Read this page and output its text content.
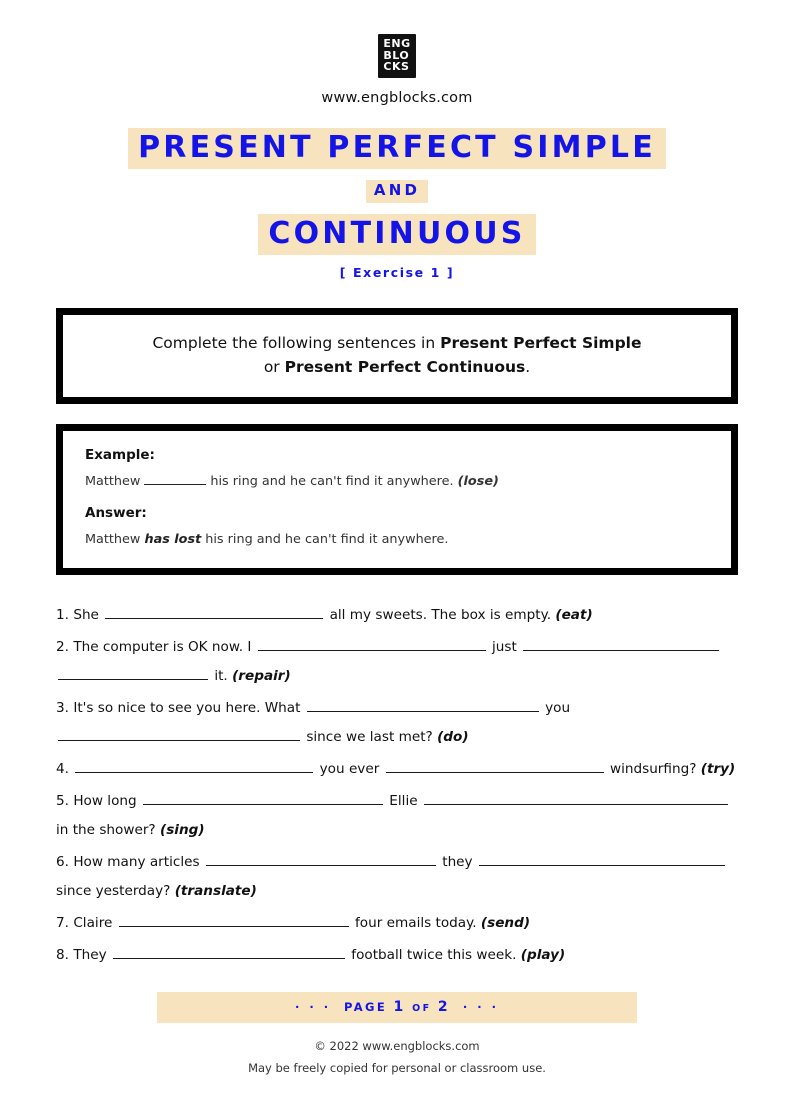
ENG
BLO
CKS
www.engblocks.com
PRESENT PERFECT SIMPLE
AND
CONTINUOUS
[ Exercise 1 ]
Complete the following sentences in Present Perfect Simple
or Present Perfect Continuous.
Example:
Matthew	his ring and he can't find it anywhere. (lose)
Answer:
Matthew has lost his ring and he can't find it anywhere.
1. She	all my sweets. The box is empty. (eat)
2. The computer is OK now. I	just
it. (repair)
3. It's so nice to see you here. What	you
since we last met? (do)
4.	you ever	windsurfing? (try)
5. How long	Ellie
in the shower? (sing)
6. How many articles	they
since yesterday? (translate)
7. Claire	four emails today. (send)
8. They	football twice this week. (play)
· · · PAGE 1 OF 2 · · ·
© 2022 www.engblocks.com
May be freely copied for personal or classroom use.
